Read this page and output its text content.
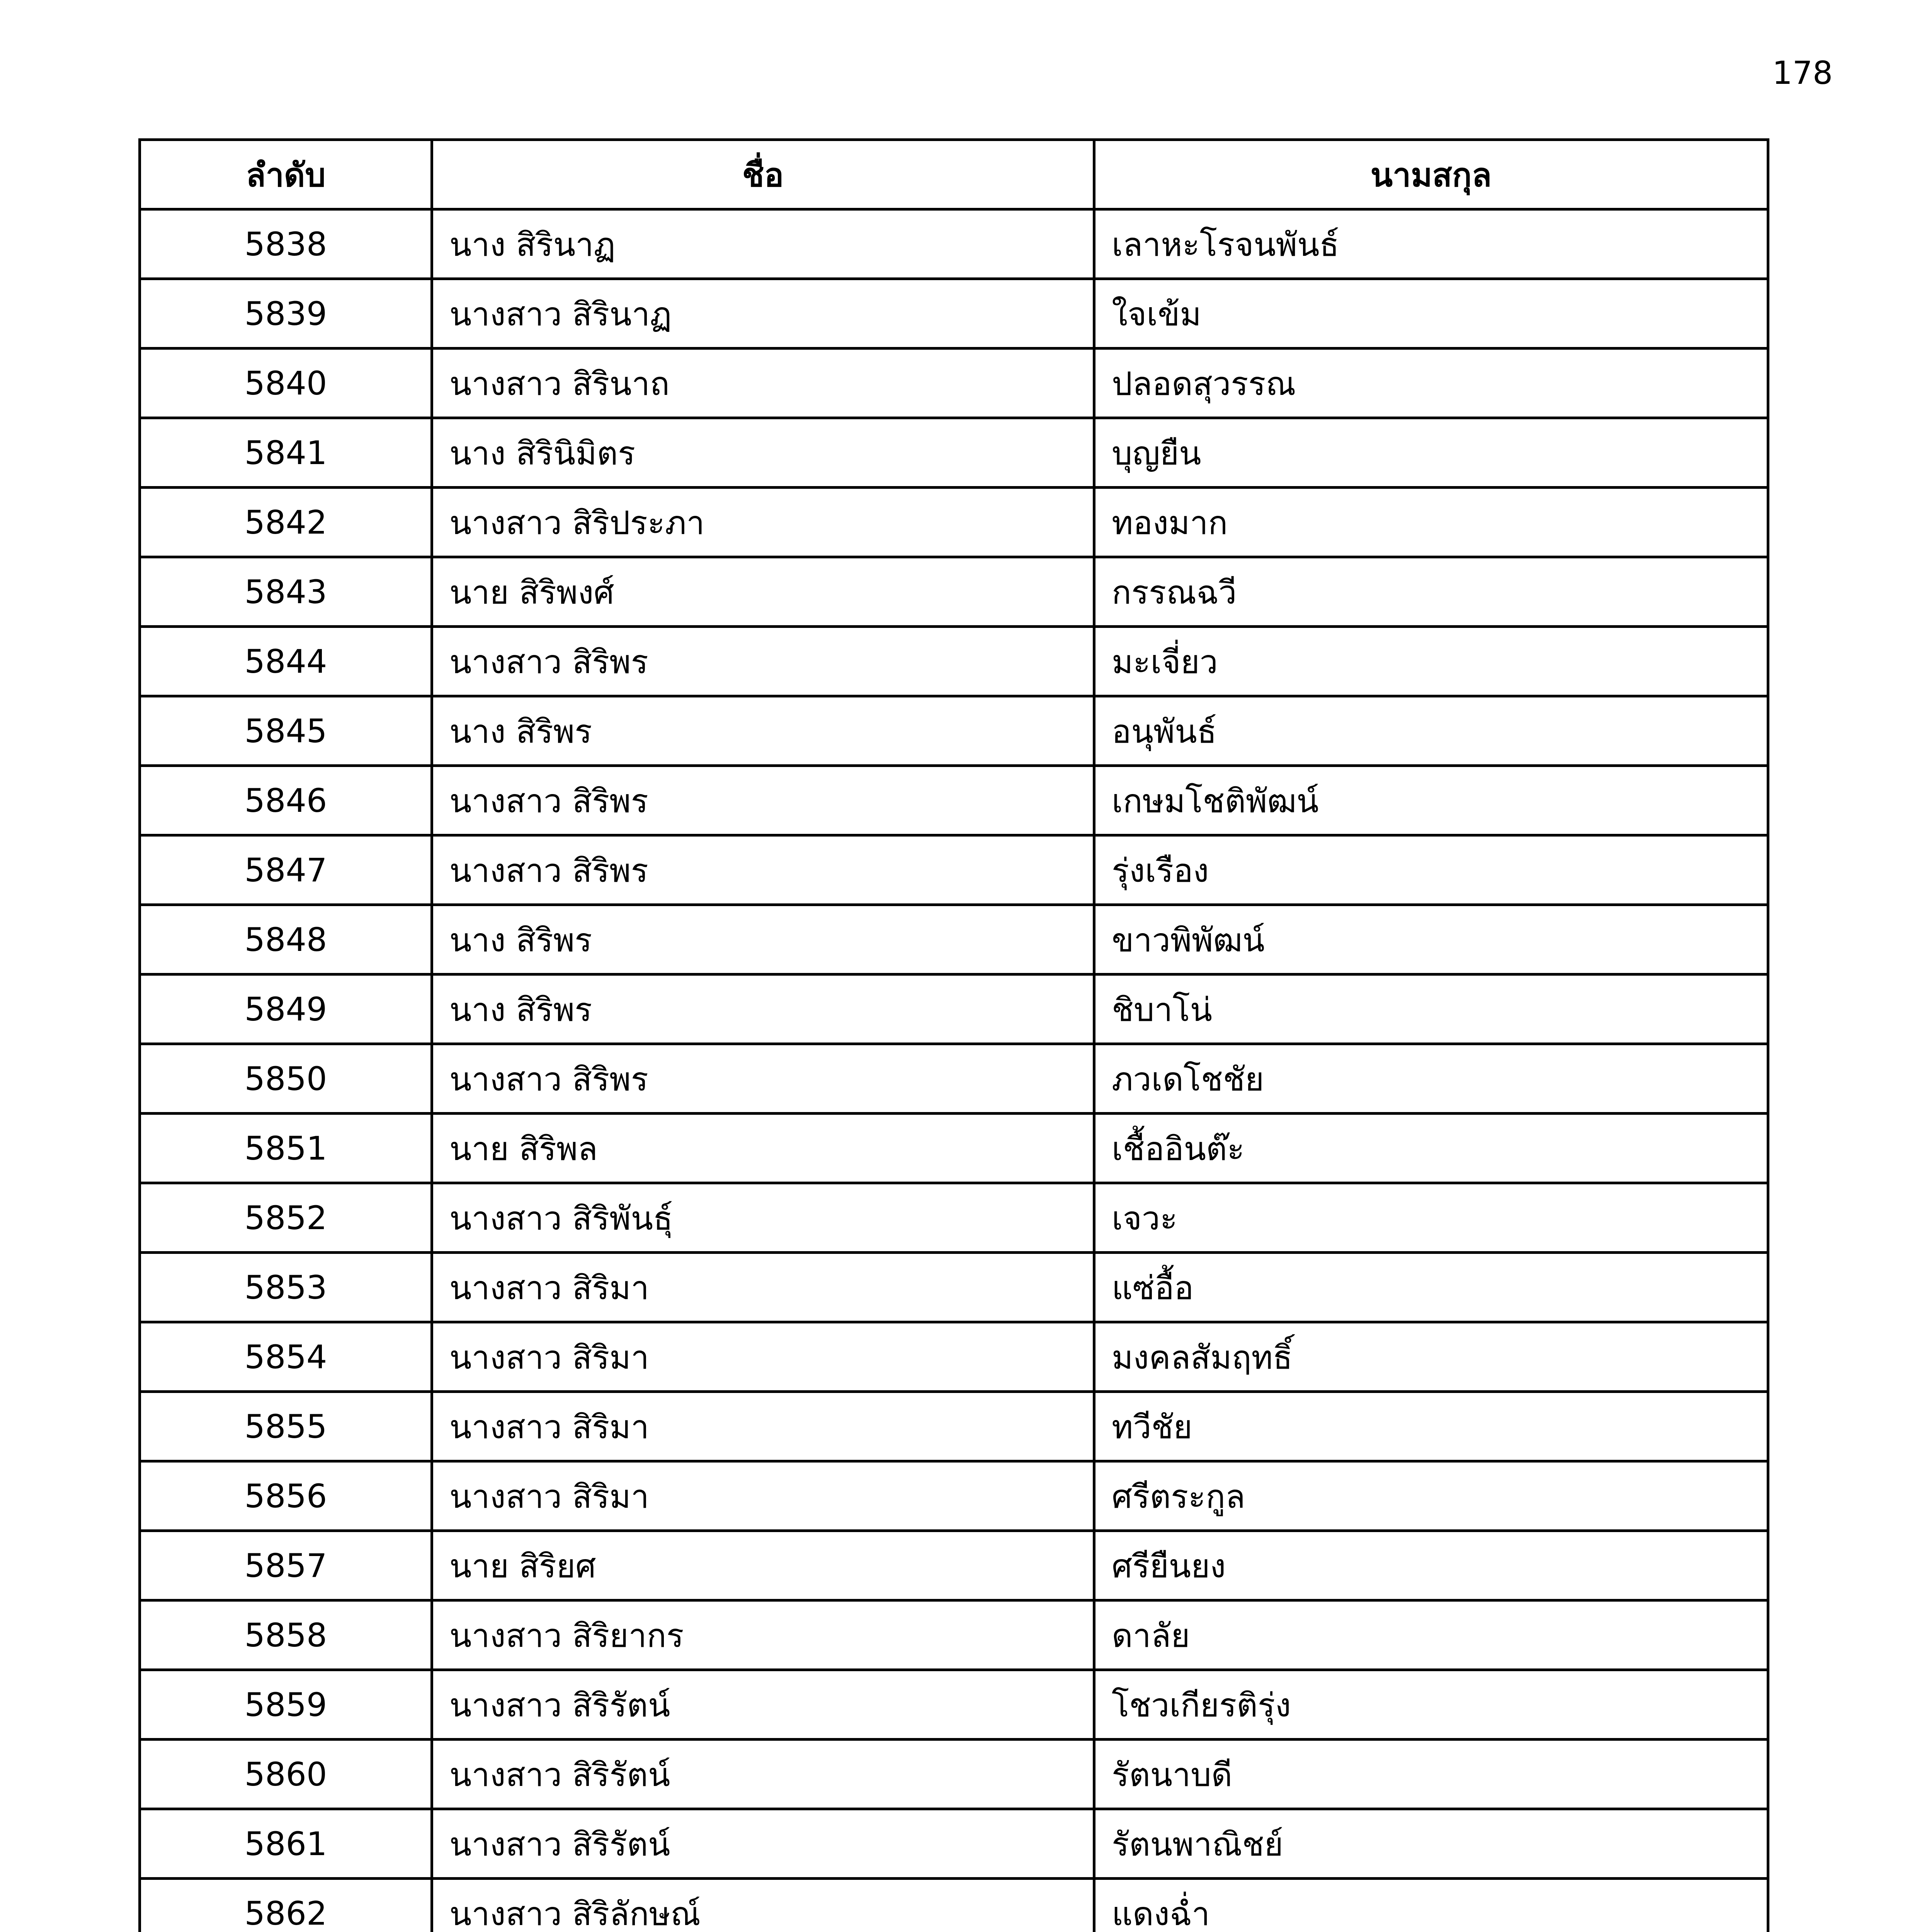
178
ลำดับ	ชื่อ	นามสกุล
5838	นาง สิรินาฏ	เลาหะโรจนพันธ์
5839	นางสาว สิรินาฏ	ใจเข้ม
5840	นางสาว สิรินาถ	ปลอดสุวรรณ
5841	นาง สิรินิมิตร	บุญยืน
5842	นางสาว สิริประภา	ทองมาก
5843	นาย สิริพงศ์	กรรณฉวี
5844	นางสาว สิริพร	มะเจี่ยว
5845	นาง สิริพร	อนุพันธ์
5846	นางสาว สิริพร	เกษมโชติพัฒน์
5847	นางสาว สิริพร	รุ่งเรือง
5848	นาง สิริพร	ขาวพิพัฒน์
5849	นาง สิริพร	ชิบาโน่
5850	นางสาว สิริพร	ภวเดโชชัย
5851	นาย สิริพล	เชื้ออินต๊ะ
5852	นางสาว สิริพันธุ์	เจวะ
5853	นางสาว สิริมา	แซ่อื้อ
5854	นางสาว สิริมา	มงคลสัมฤทธิ์
5855	นางสาว สิริมา	ทวีชัย
5856	นางสาว สิริมา	ศรีตระกูล
5857	นาย สิริยศ	ศรียืนยง
5858	นางสาว สิริยากร	ดาลัย
5859	นางสาว สิริรัตน์	โชวเกียรติรุ่ง
5860	นางสาว สิริรัตน์	รัตนาบดี
5861	นางสาว สิริรัตน์	รัตนพาณิชย์
5862	นางสาว สิริลักษณ์	แดงฉ่ำ
